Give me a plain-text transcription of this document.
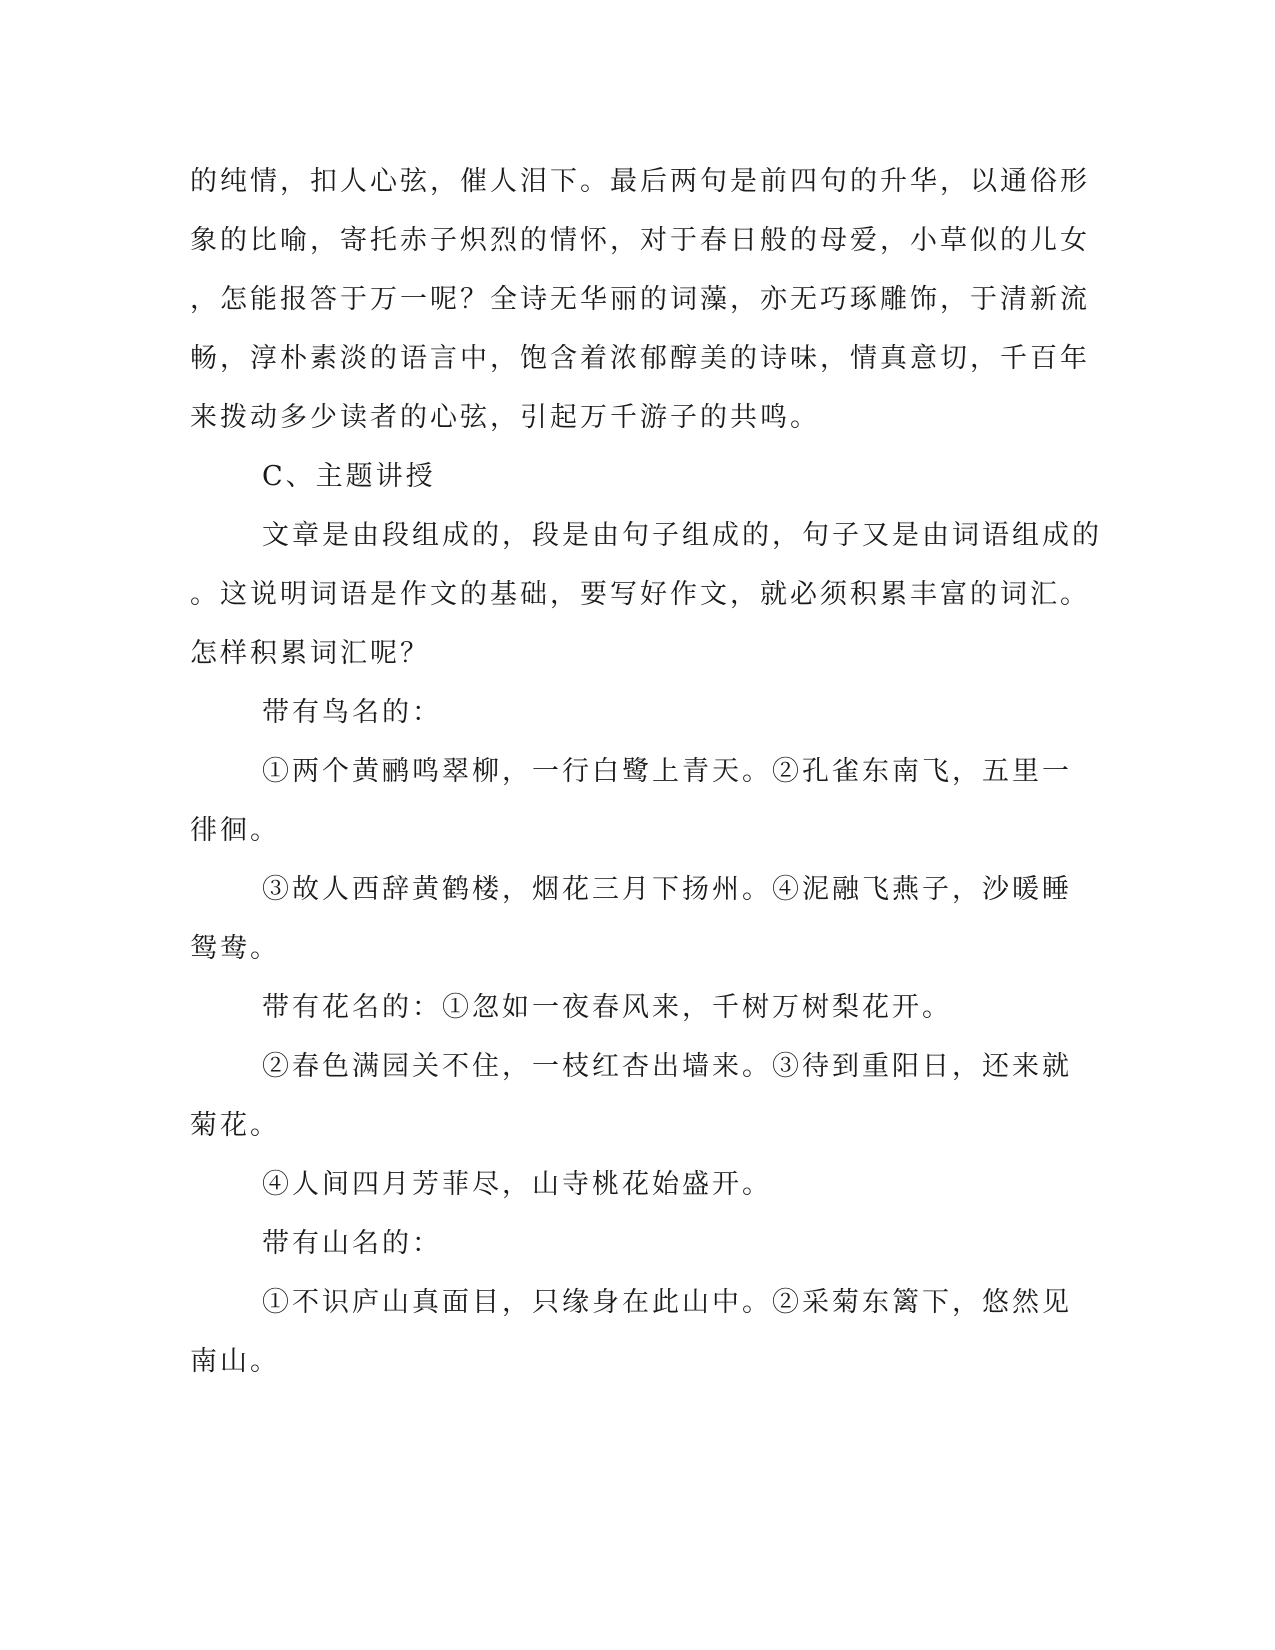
的纯情，扣人心弦，催人泪下。最后两句是前四句的升华，以通俗形
象的比喻，寄托赤子炽烈的情怀，对于春日般的母爱，小草似的儿女
，怎能报答于万一呢？全诗无华丽的词藻，亦无巧琢雕饰，于清新流
畅，淳朴素淡的语言中，饱含着浓郁醇美的诗味，情真意切，千百年
来拨动多少读者的心弦，引起万千游子的共鸣。
C、主题讲授
文章是由段组成的，段是由句子组成的，句子又是由词语组成的
。这说明词语是作文的基础，要写好作文，就必须积累丰富的词汇。
怎样积累词汇呢？
带有鸟名的：
①两个黄鹂鸣翠柳，一行白鹭上青天。②孔雀东南飞，五里一
徘徊。
③故人西辞黄鹤楼，烟花三月下扬州。④泥融飞燕子，沙暖睡
鸳鸯。
带有花名的：①忽如一夜春风来，千树万树梨花开。
②春色满园关不住，一枝红杏出墙来。③待到重阳日，还来就
菊花。
④人间四月芳菲尽，山寺桃花始盛开。
带有山名的：
①不识庐山真面目，只缘身在此山中。②采菊东篱下，悠然见
南山。
